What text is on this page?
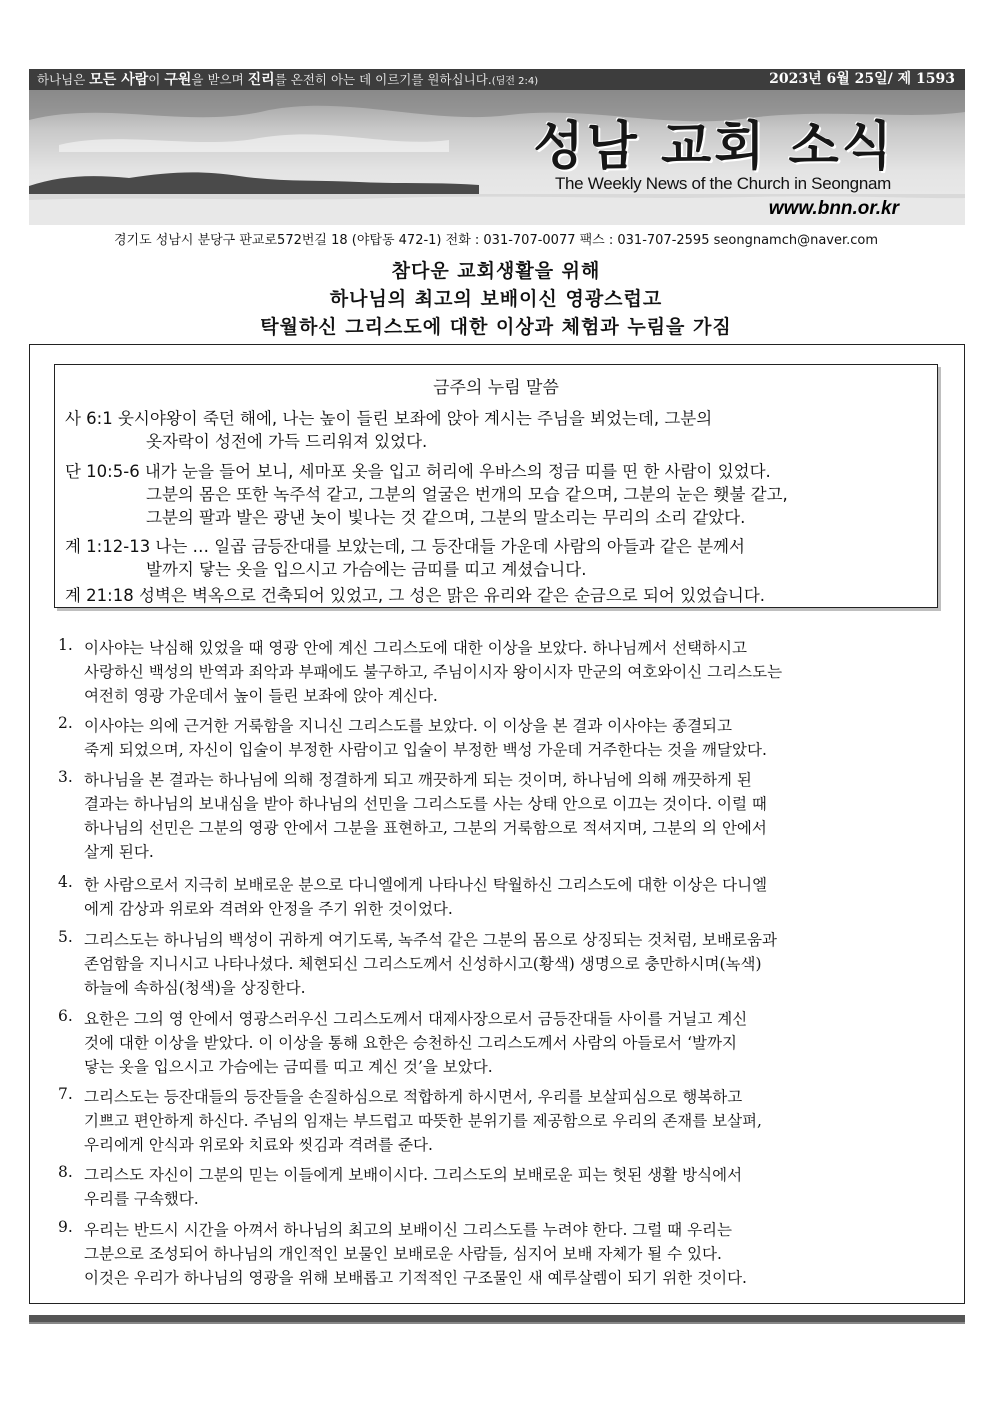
하나님은 모든 사람이 구원을 받으며 진리를 온전히 아는 데 이르기를 원하십니다.(딤전 2:4)	2023년 6월 25일/ 제 1593
성남 교회 소식
The Weekly News of the Church in Seongnam
www.bnn.or.kr
경기도 성남시 분당구 판교로572번길 18 (야탑동 472-1) 전화 : 031-707-0077 팩스 : 031-707-2595 seongnamch@naver.com
참다운 교회생활을 위해
하나님의 최고의 보배이신 영광스럽고
탁월하신 그리스도에 대한 이상과 체험과 누림을 가짐
금주의 누림 말씀
사 6:1 웃시야왕이 죽던 해에, 나는 높이 들린 보좌에 앉아 계시는 주님을 뵈었는데, 그분의
옷자락이 성전에 가득 드리워져 있었다.
단 10:5-6 내가 눈을 들어 보니, 세마포 옷을 입고 허리에 우바스의 정금 띠를 띤 한 사람이 있었다.
그분의 몸은 또한 녹주석 같고, 그분의 얼굴은 번개의 모습 같으며, 그분의 눈은 횃불 같고,
그분의 팔과 발은 광낸 놋이 빛나는 것 같으며, 그분의 말소리는 무리의 소리 같았다.
계 1:12-13 나는 … 일곱 금등잔대를 보았는데, 그 등잔대들 가운데 사람의 아들과 같은 분께서
발까지 닿는 옷을 입으시고 가슴에는 금띠를 띠고 계셨습니다.
계 21:18 성벽은 벽옥으로 건축되어 있었고, 그 성은 맑은 유리와 같은 순금으로 되어 있었습니다.
1. 이사야는 낙심해 있었을 때 영광 안에 계신 그리스도에 대한 이상을 보았다. 하나님께서 선택하시고
사랑하신 백성의 반역과 죄악과 부패에도 불구하고, 주님이시자 왕이시자 만군의 여호와이신 그리스도는
여전히 영광 가운데서 높이 들린 보좌에 앉아 계신다.
2. 이사야는 의에 근거한 거룩함을 지니신 그리스도를 보았다. 이 이상을 본 결과 이사야는 종결되고
죽게 되었으며, 자신이 입술이 부정한 사람이고 입술이 부정한 백성 가운데 거주한다는 것을 깨달았다.
3. 하나님을 본 결과는 하나님에 의해 정결하게 되고 깨끗하게 되는 것이며, 하나님에 의해 깨끗하게 된
결과는 하나님의 보내심을 받아 하나님의 선민을 그리스도를 사는 상태 안으로 이끄는 것이다. 이럴 때
하나님의 선민은 그분의 영광 안에서 그분을 표현하고, 그분의 거룩함으로 적셔지며, 그분의 의 안에서
살게 된다.
4. 한 사람으로서 지극히 보배로운 분으로 다니엘에게 나타나신 탁월하신 그리스도에 대한 이상은 다니엘
에게 감상과 위로와 격려와 안정을 주기 위한 것이었다.
5. 그리스도는 하나님의 백성이 귀하게 여기도록, 녹주석 같은 그분의 몸으로 상징되는 것처럼, 보배로움과
존엄함을 지니시고 나타나셨다. 체현되신 그리스도께서 신성하시고(황색) 생명으로 충만하시며(녹색)
하늘에 속하심(청색)을 상징한다.
6. 요한은 그의 영 안에서 영광스러우신 그리스도께서 대제사장으로서 금등잔대들 사이를 거닐고 계신
것에 대한 이상을 받았다. 이 이상을 통해 요한은 승천하신 그리스도께서 사람의 아들로서 ‘발까지
닿는 옷을 입으시고 가슴에는 금띠를 띠고 계신 것’을 보았다.
7. 그리스도는 등잔대들의 등잔들을 손질하심으로 적합하게 하시면서, 우리를 보살피심으로 행복하고
기쁘고 편안하게 하신다. 주님의 임재는 부드럽고 따뜻한 분위기를 제공함으로 우리의 존재를 보살펴,
우리에게 안식과 위로와 치료와 씻김과 격려를 준다.
8. 그리스도 자신이 그분의 믿는 이들에게 보배이시다. 그리스도의 보배로운 피는 헛된 생활 방식에서
우리를 구속했다.
9. 우리는 반드시 시간을 아껴서 하나님의 최고의 보배이신 그리스도를 누려야 한다. 그럴 때 우리는
그분으로 조성되어 하나님의 개인적인 보물인 보배로운 사람들, 심지어 보배 자체가 될 수 있다.
이것은 우리가 하나님의 영광을 위해 보배롭고 기적적인 구조물인 새 예루살렘이 되기 위한 것이다.
